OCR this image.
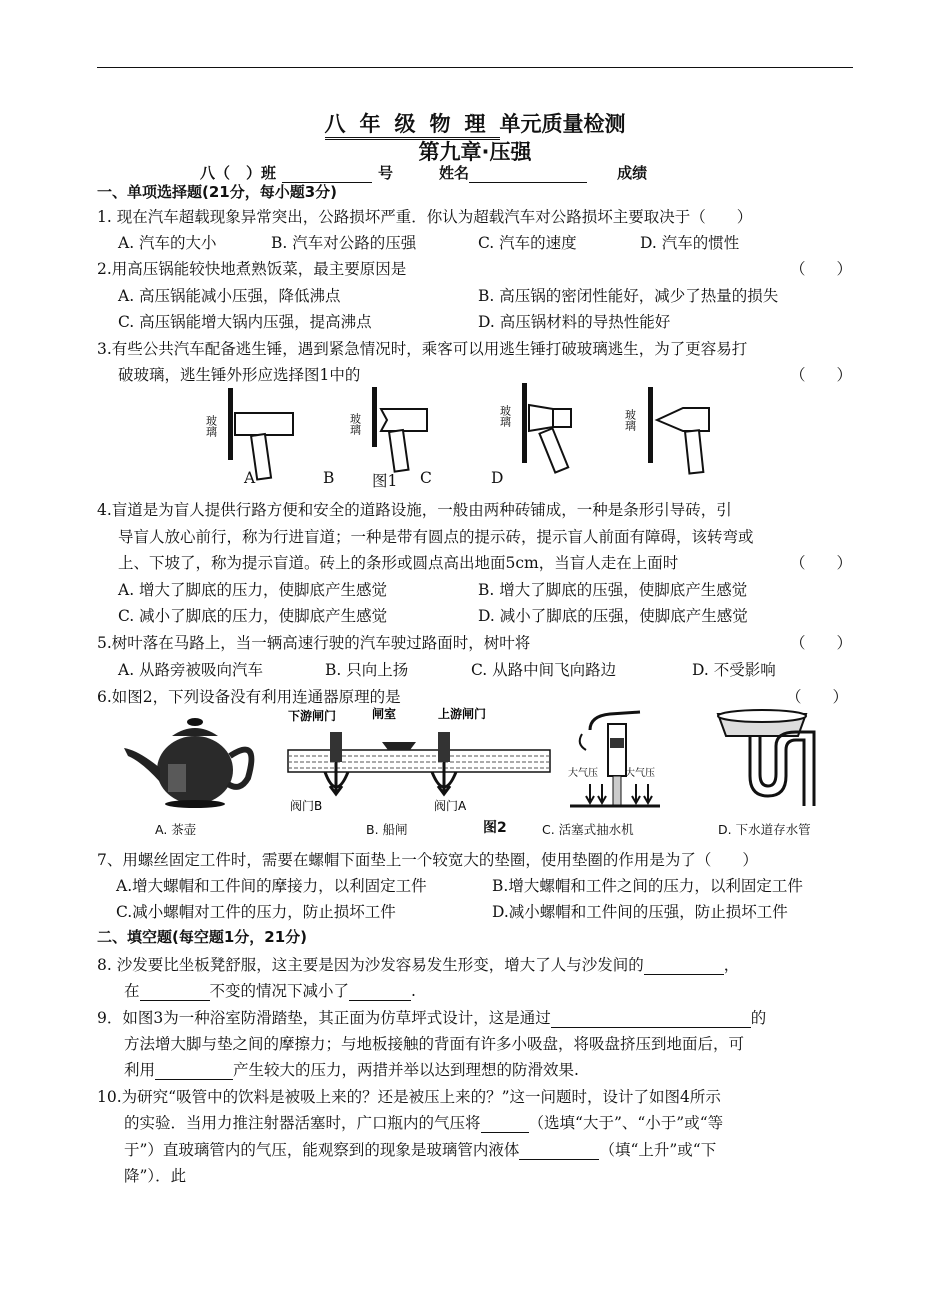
八年级物理单元质量检测
第九章·压强
八（ ）班	号	姓名	成绩
一、单项选择题(21分，每小题3分)
1. 现在汽车超载现象异常突出，公路损坏严重．你认为超载汽车对公路损坏主要取决于（　　）
A. 汽车的大小	B. 汽车对公路的压强	C. 汽车的速度	D. 汽车的惯性
2.用高压锅能较快地煮熟饭菜，最主要原因是	（　　）
A. 高压锅能减小压强，降低沸点	B. 高压锅的密闭性能好，减少了热量的损失
C. 高压锅能增大锅内压强，提高沸点	D. 高压锅材料的导热性能好
3.有些公共汽车配备逃生锤，遇到紧急情况时，乘客可以用逃生锤打破玻璃逃生，为了更容易打
破玻璃，逃生锤外形应选择图1中的	（　　）
玻璃	玻璃	玻璃	玻璃
A	B 图1 C	D
4.盲道是为盲人提供行路方便和安全的道路设施，一般由两种砖铺成，一种是条形引导砖，引
导盲人放心前行，称为行进盲道；一种是带有圆点的提示砖，提示盲人前面有障碍，该转弯或
上、下坡了，称为提示盲道。砖上的条形或圆点高出地面5cm，当盲人走在上面时	（　　）
A. 增大了脚底的压力，使脚底产生感觉	B. 增大了脚底的压强，使脚底产生感觉
C. 减小了脚底的压力，使脚底产生感觉	D. 减小了脚底的压强，使脚底产生感觉
5.树叶落在马路上，当一辆高速行驶的汽车驶过路面时，树叶将	（　　）
A. 从路旁被吸向汽车	B. 只向上扬	C. 从路中间飞向路边	D. 不受影响
6.如图2，下列设备没有利用连通器原理的是	（　　）
下游闸门	闸室	上游闸门
阀门B	阀门A
大气压	大气压
A. 茶壶	B. 船闸	图2	C. 活塞式抽水机	D. 下水道存水管
7、用螺丝固定工件时，需要在螺帽下面垫上一个较宽大的垫圈，使用垫圈的作用是为了（　　）
A.增大螺帽和工件间的摩接力，以利固定工件	B.增大螺帽和工件之间的压力，以利固定工件
C.减小螺帽对工件的压力，防止损坏工件	D.减小螺帽和工件间的压强，防止损坏工件
二、填空题(每空题1分，21分)
8. 沙发要比坐板凳舒服，这主要是因为沙发容易发生形变，增大了人与沙发间的	，
在	不变的情况下减小了	.
9．如图3为一种浴室防滑踏垫，其正面为仿草坪式设计，这是通过	的
方法增大脚与垫之间的摩擦力；与地板接触的背面有许多小吸盘，将吸盘挤压到地面后，可
利用	产生较大的压力，两措并举以达到理想的防滑效果.
10.为研究“吸管中的饮料是被吸上来的？还是被压上来的？”这一问题时，设计了如图4所示
的实验．当用力推注射器活塞时，广口瓶内的气压将	（选填“大于”、“小于”或“等
于”）直玻璃管内的气压，能观察到的现象是玻璃管内液体	（填“上升”或“下
降”）．此
